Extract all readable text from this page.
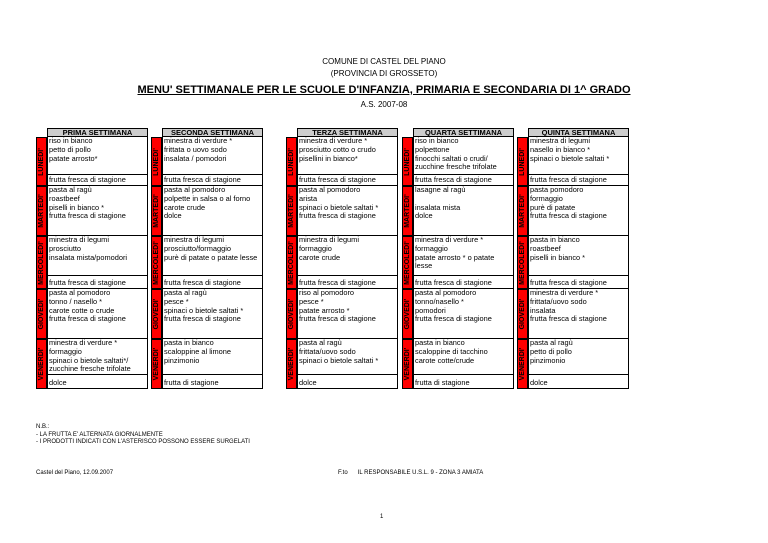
COMUNE DI CASTEL DEL PIANO
(PROVINCIA DI GROSSETO)
MENU' SETTIMANALE PER LE SCUOLE D'INFANZIA, PRIMARIA E SECONDARIA DI 1^ GRADO
A.S. 2007-08
PRIMA SETTIMANA
LUNEDI'
riso in bianco
petto di pollo
patate arrosto*
frutta fresca di stagione
MARTEDI'
pasta al ragù
roastbeef
piselli in bianco *
frutta fresca di stagione
MERCOLEDI'
minestra di legumi
prosciutto
insalata mista/pomodori
frutta fresca di stagione
GIOVEDI'
pasta al pomodoro
tonno / nasello *
carote cotte o crude
frutta fresca di stagione
VENERDI'
minestra di verdure *
formaggio
spinaci o bietole saltati*/
zucchine fresche trifolate
dolce
SECONDA SETTIMANA
LUNEDI'
minestra di verdure *
frittata o uovo sodo
insalata / pomodori
frutta fresca di stagione
MARTEDI'
pasta al pomodoro
polpette in salsa o al forno
carote crude
dolce
MERCOLEDI'
minestra di legumi
prosciutto/formaggio
purè di patate o patate lesse
frutta fresca di stagione
GIOVEDI'
pasta al ragù
pesce *
spinaci o bietole saltati *
frutta fresca di stagione
VENERDI'
pasta in bianco
scaloppine al limone
pinzimonio
frutta di stagione
TERZA SETTIMANA
LUNEDI'
minestra di verdure *
prosciutto cotto o crudo
pisellini in bianco*
frutta fresca di stagione
MARTEDI'
pasta al pomodoro
arista
spinaci o bietole saltati *
frutta fresca di stagione
MERCOLEDI'
minestra di legumi
formaggio
carote crude
frutta fresca di stagione
GIOVEDI'
riso al pomodoro
pesce *
patate arrosto *
frutta fresca di stagione
VENERDI'
pasta al ragù
frittata/uovo sodo
spinaci o bietole saltati *
dolce
QUARTA SETTIMANA
LUNEDI'
riso in bianco
polpettone
finocchi saltati o crudi/
zucchine fresche trifolate
frutta fresca di stagione
MARTEDI'
lasagne al ragù

insalata mista
dolce
MERCOLEDI'
minestra di verdure *
formaggio
patate arrosto * o patate lesse
frutta fresca di stagione
GIOVEDI'
pasta al pomodoro
tonno/nasello *
pomodori
frutta fresca di stagione
VENERDI'
pasta in bianco
scaloppine di tacchino
carote cotte/crude
frutta di stagione
QUINTA SETTIMANA
LUNEDI'
minestra di legumi
nasello in bianco *
spinaci o bietole saltati *
frutta fresca di stagione
MARTEDI'
pasta pomodoro
formaggio
purè di patate
frutta fresca di stagione
MERCOLEDI'
pasta in bianco
roastbeef
piselli in bianco *
frutta fresca di stagione
GIOVEDI'
minestra di verdure *
frittata/uovo sodo
insalata
frutta fresca di stagione
VENERDI'
pasta al ragù
petto di pollo
pinzimonio
dolce
N.B.:
- LA FRUTTA E' ALTERNATA GIORNALMENTE
- I PRODOTTI INDICATI CON L'ASTERISCO POSSONO ESSERE SURGELATI
Castel del Piano, 12.09.2007	F.to IL RESPONSABILE U.S.L. 9 - ZONA 3 AMIATA
1
